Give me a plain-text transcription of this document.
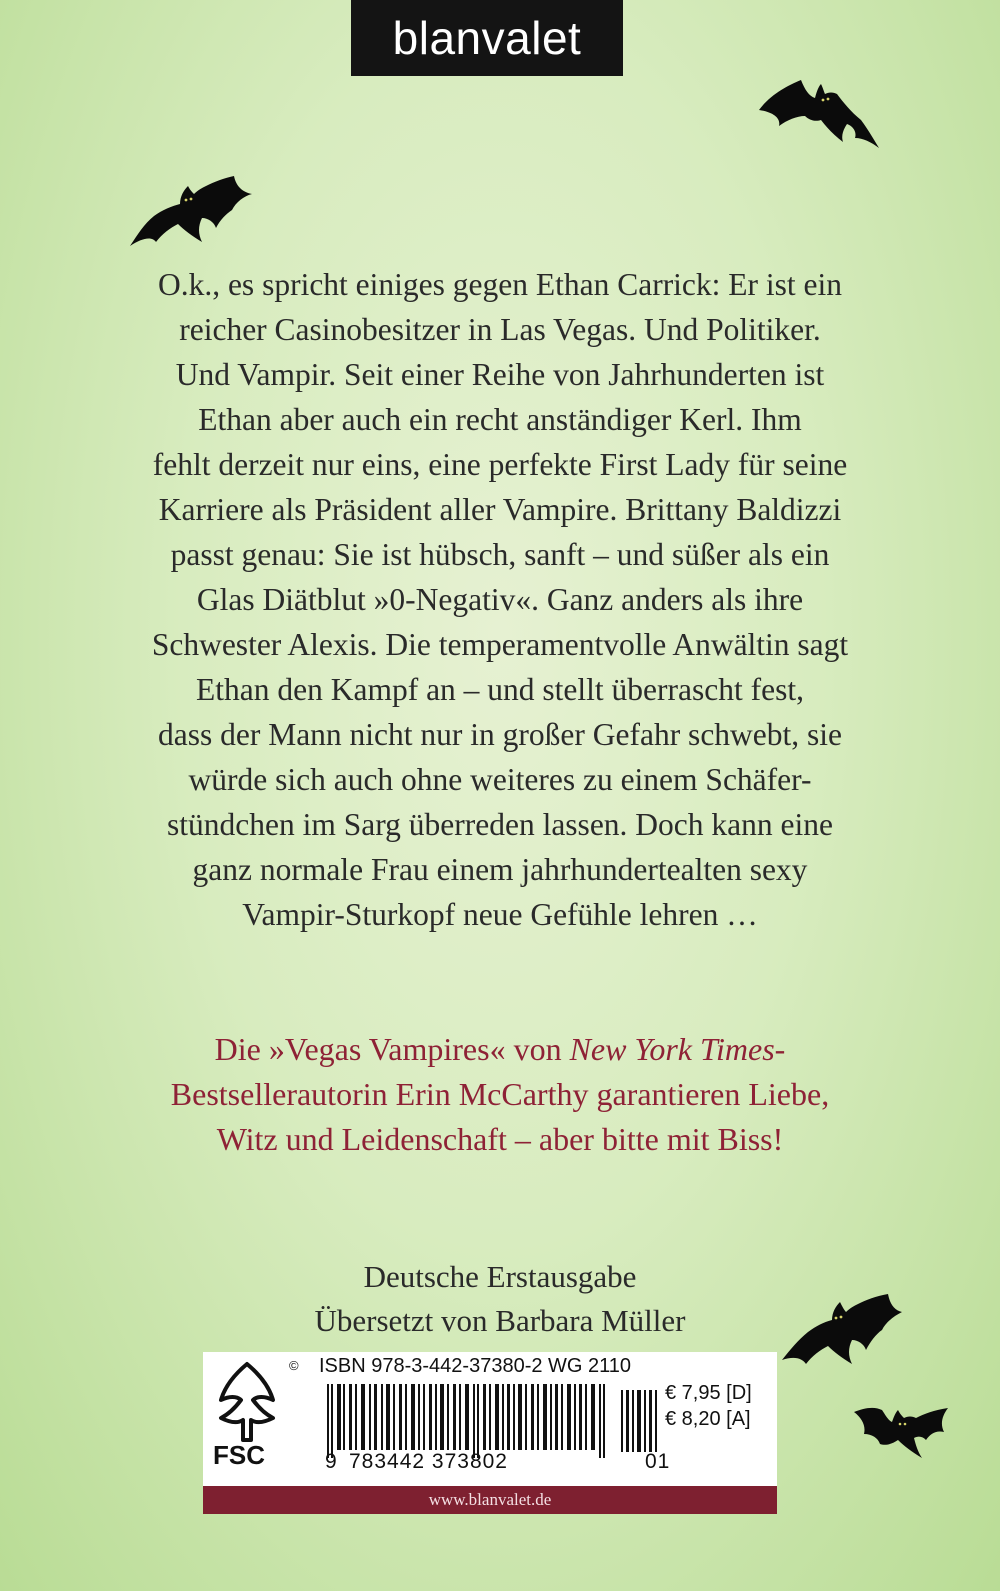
blanvalet
O.k., es spricht einiges gegen Ethan Carrick: Er ist ein
reicher Casinobesitzer in Las Vegas. Und Politiker.
Und Vampir. Seit einer Reihe von Jahrhunderten ist
Ethan aber auch ein recht anständiger Kerl. Ihm
fehlt derzeit nur eins, eine perfekte First Lady für seine
Karriere als Präsident aller Vampire. Brittany Baldizzi
passt genau: Sie ist hübsch, sanft – und süßer als ein
Glas Diätblut »0-Negativ«. Ganz anders als ihre
Schwester Alexis. Die temperamentvolle Anwältin sagt
Ethan den Kampf an – und stellt überrascht fest,
dass der Mann nicht nur in großer Gefahr schwebt, sie
würde sich auch ohne weiteres zu einem Schäfer-
stündchen im Sarg überreden lassen. Doch kann eine
ganz normale Frau einem jahrhundertealten sexy
Vampir-Sturkopf neue Gefühle lehren …
Die »Vegas Vampires« von New York Times-
Bestsellerautorin Erin McCarthy garantieren Liebe,
Witz und Leidenschaft – aber bitte mit Biss!
Deutsche Erstausgabe
Übersetzt von Barbara Müller
FSC
© ISBN 978-3-442-37380-2 WG 2110
9 783442 373802	01
€ 7,95 [D]
€ 8,20 [A]
www.blanvalet.de
